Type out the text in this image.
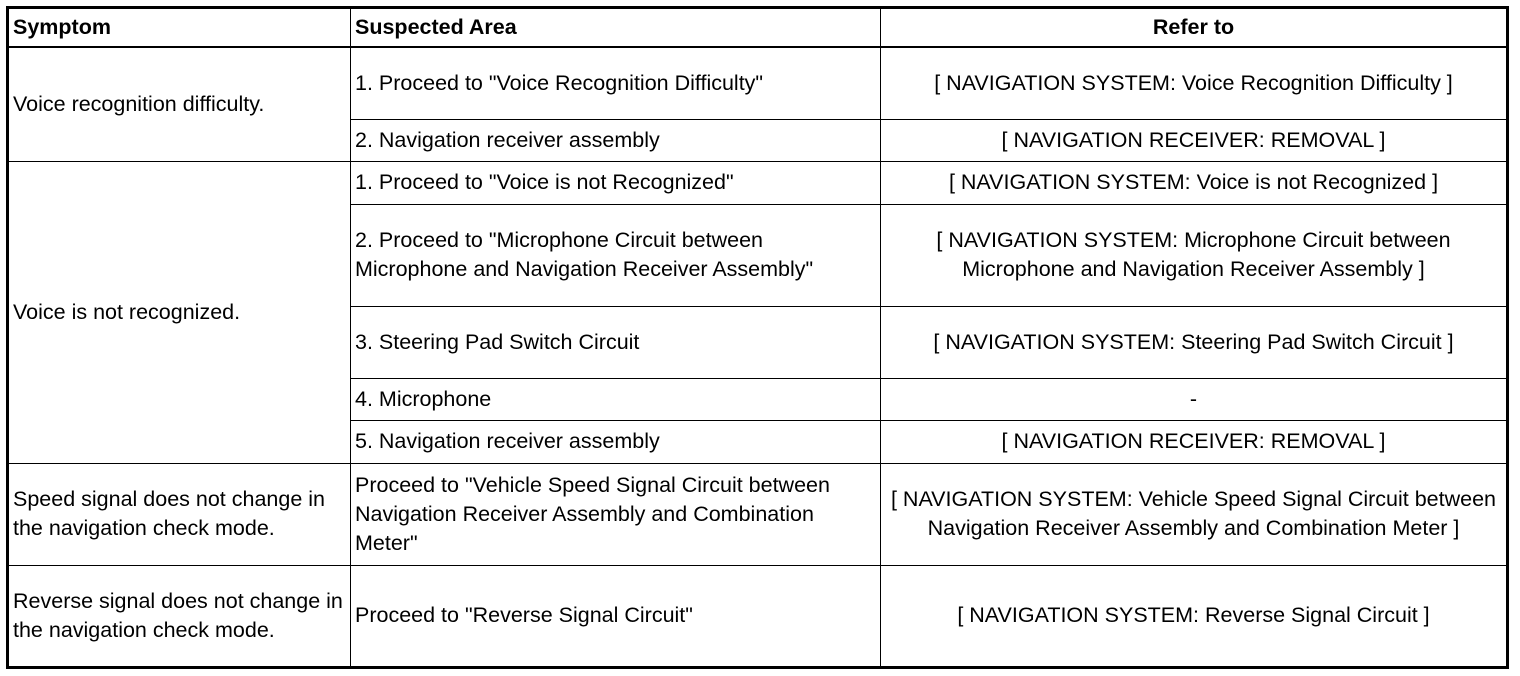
Symptom	Suspected Area	Refer to
Voice recognition difficulty.	1. Proceed to "Voice Recognition Difficulty"	[ NAVIGATION SYSTEM: Voice Recognition Difficulty ]
	2. Navigation receiver assembly	[ NAVIGATION RECEIVER: REMOVAL ]
Voice is not recognized.	1. Proceed to "Voice is not Recognized"	[ NAVIGATION SYSTEM: Voice is not Recognized ]
	2. Proceed to "Microphone Circuit between Microphone and Navigation Receiver Assembly"	[ NAVIGATION SYSTEM: Microphone Circuit between Microphone and Navigation Receiver Assembly ]
	3. Steering Pad Switch Circuit	[ NAVIGATION SYSTEM: Steering Pad Switch Circuit ]
	4. Microphone	-
	5. Navigation receiver assembly	[ NAVIGATION RECEIVER: REMOVAL ]
Speed signal does not change in the navigation check mode.	Proceed to "Vehicle Speed Signal Circuit between Navigation Receiver Assembly and Combination Meter"	[ NAVIGATION SYSTEM: Vehicle Speed Signal Circuit between Navigation Receiver Assembly and Combination Meter ]
Reverse signal does not change in the navigation check mode.	Proceed to "Reverse Signal Circuit"	[ NAVIGATION SYSTEM: Reverse Signal Circuit ]
